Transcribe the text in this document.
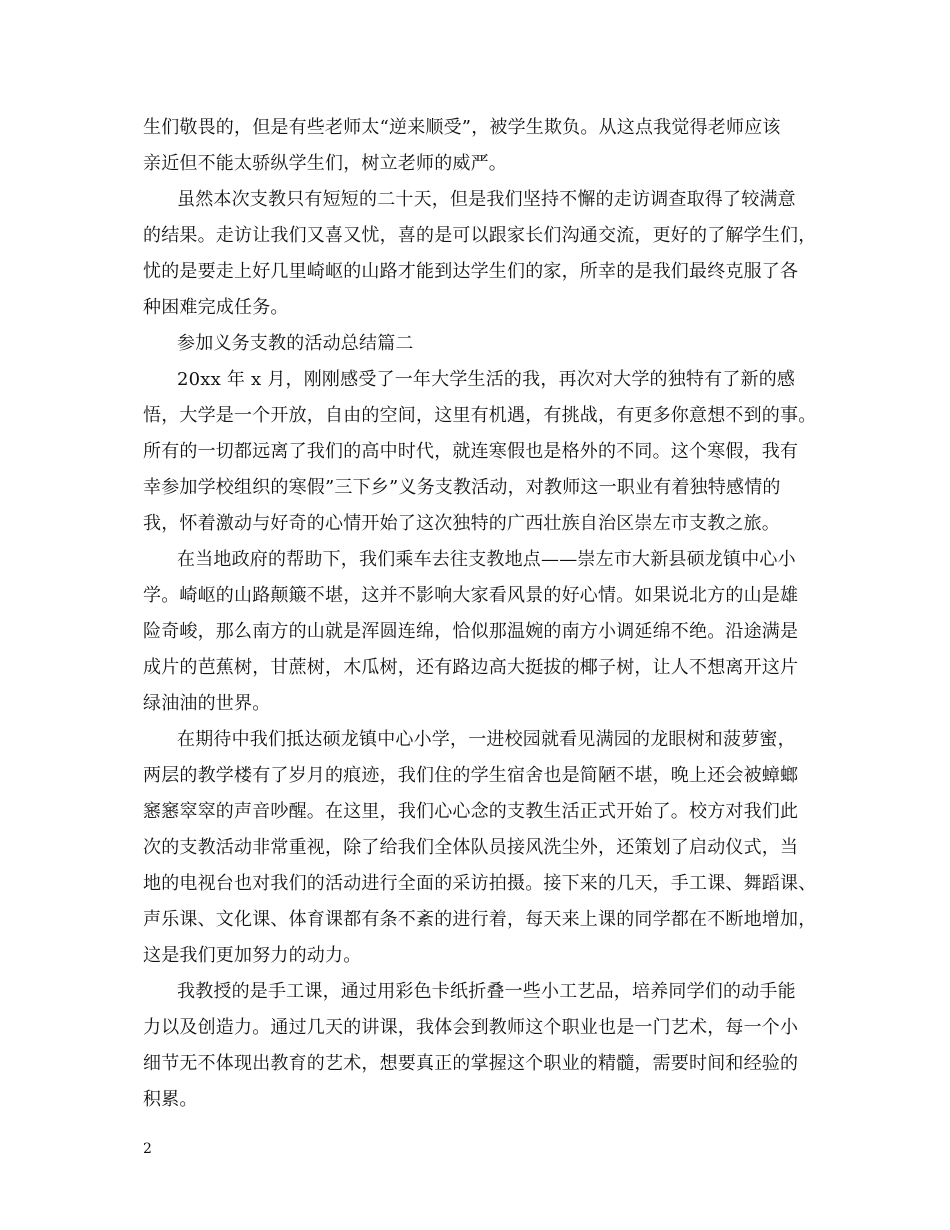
生们敬畏的，但是有些老师太“逆来顺受”，被学生欺负。从这点我觉得老师应该
亲近但不能太骄纵学生们，树立老师的威严。
虽然本次支教只有短短的二十天，但是我们坚持不懈的走访调查取得了较满意
的结果。走访让我们又喜又忧，喜的是可以跟家长们沟通交流，更好的了解学生们，
忧的是要走上好几里崎岖的山路才能到达学生们的家，所幸的是我们最终克服了各
种困难完成任务。
参加义务支教的活动总结篇二
20xx 年 x 月，刚刚感受了一年大学生活的我，再次对大学的独特有了新的感
悟，大学是一个开放，自由的空间，这里有机遇，有挑战，有更多你意想不到的事。
所有的一切都远离了我们的高中时代，就连寒假也是格外的不同。这个寒假，我有
幸参加学校组织的寒假”三下乡”义务支教活动，对教师这一职业有着独特感情的
我，怀着激动与好奇的心情开始了这次独特的广西壮族自治区崇左市支教之旅。
在当地政府的帮助下，我们乘车去往支教地点——崇左市大新县硕龙镇中心小
学。崎岖的山路颠簸不堪，这并不影响大家看风景的好心情。如果说北方的山是雄
险奇峻，那么南方的山就是浑圆连绵，恰似那温婉的南方小调延绵不绝。沿途满是
成片的芭蕉树，甘蔗树，木瓜树，还有路边高大挺拔的椰子树，让人不想离开这片
绿油油的世界。
在期待中我们抵达硕龙镇中心小学，一进校园就看见满园的龙眼树和菠萝蜜，
两层的教学楼有了岁月的痕迹，我们住的学生宿舍也是简陋不堪，晚上还会被蟑螂
窸窸窣窣的声音吵醒。在这里，我们心心念的支教生活正式开始了。校方对我们此
次的支教活动非常重视，除了给我们全体队员接风洗尘外，还策划了启动仪式，当
地的电视台也对我们的活动进行全面的采访拍摄。接下来的几天，手工课、舞蹈课、
声乐课、文化课、体育课都有条不紊的进行着，每天来上课的同学都在不断地增加，
这是我们更加努力的动力。
我教授的是手工课，通过用彩色卡纸折叠一些小工艺品，培养同学们的动手能
力以及创造力。通过几天的讲课，我体会到教师这个职业也是一门艺术，每一个小
细节无不体现出教育的艺术，想要真正的掌握这个职业的精髓，需要时间和经验的
积累。
2
